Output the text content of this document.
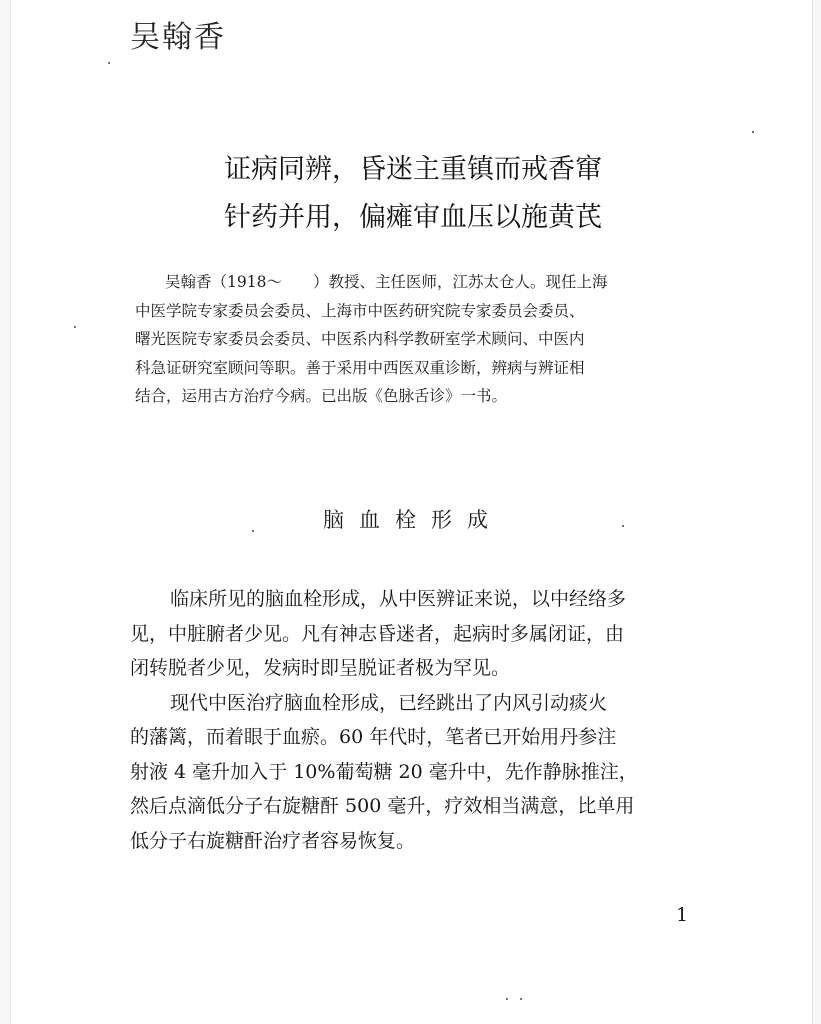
吴翰香
证病同辨，昏迷主重镇而戒香窜
针药并用，偏瘫审血压以施黄芪
吴翰香（1918～　　）教授、主任医师，江苏太仓人。现任上海
中医学院专家委员会委员、上海市中医药研究院专家委员会委员、
曙光医院专家委员会委员、中医系内科学教研室学术顾问、中医内
科急证研究室顾问等职。善于采用中西医双重诊断，辨病与辨证相
结合，运用古方治疗今病。已出版《色脉舌诊》一书。
脑血栓形成
临床所见的脑血栓形成，从中医辨证来说，以中经络多
见，中脏腑者少见。凡有神志昏迷者，起病时多属闭证，由
闭转脱者少见，发病时即呈脱证者极为罕见。
现代中医治疗脑血栓形成，已经跳出了内风引动痰火
的藩篱，而着眼于血瘀。60 年代时，笔者已开始用丹参注
射液 4 毫升加入于 10%葡萄糖 20 毫升中，先作静脉推注，
然后点滴低分子右旋糖酐 500 毫升，疗效相当满意，比单用
低分子右旋糖酐治疗者容易恢复。
1
